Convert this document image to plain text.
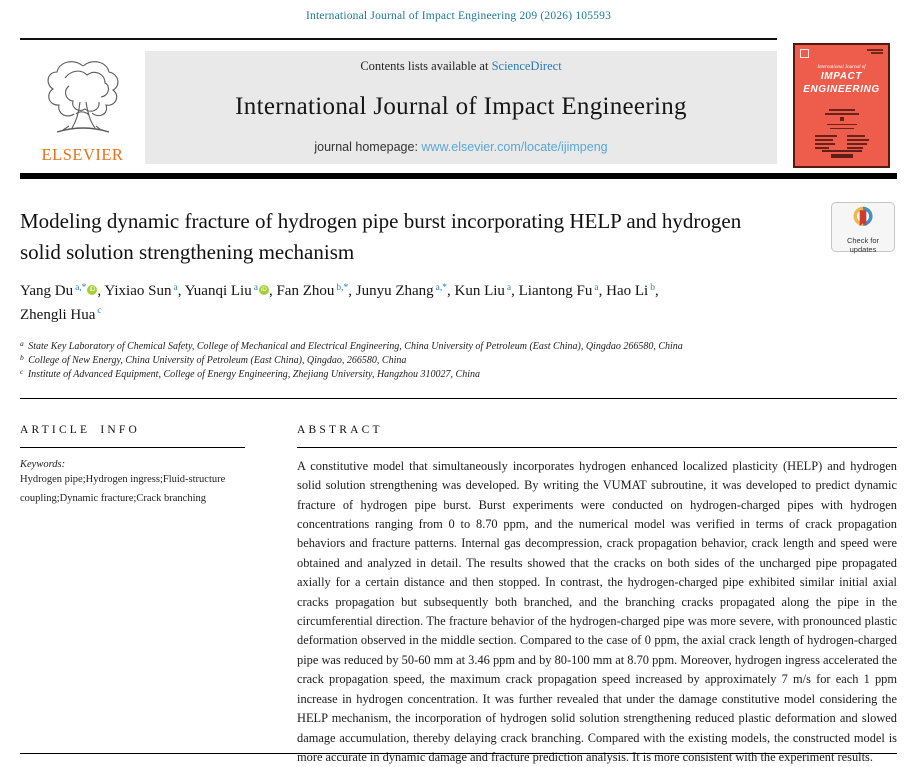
International Journal of Impact Engineering 209 (2026) 105593
ELSEVIER
Contents lists available at ScienceDirect
International Journal of Impact Engineering
journal homepage: www.elsevier.com/locate/ijimpeng
International Journal of
IMPACT
ENGINEERING
Modeling dynamic fracture of hydrogen pipe burst incorporating HELP and hydrogen solid solution strengthening mechanism	Check for
updates
Yang Du $^{a,*}$ iD , Yixiao Sun $^a$, Yuanqi Liu $^a$ iD , Fan Zhou $^{b,*}$, Junyu Zhang $^{a,*}$, Kun Liu $^a$, Liantong Fu $^a$, Hao Li $^b$, Zhengli Hua $^c$
$^a$ State Key Laboratory of Chemical Safety, College of Mechanical and Electrical Engineering, China University of Petroleum (East China), Qingdao 266580, China
$^b$ College of New Energy, China University of Petroleum (East China), Qingdao, 266580, China
$^c$ Institute of Advanced Equipment, College of Energy Engineering, Zhejiang University, Hangzhou 310027, China
ARTICLE INFO
Keywords:
Hydrogen pipe;Hydrogen ingress;Fluid-structure coupling;Dynamic fracture;Crack branching
ABSTRACT
A constitutive model that simultaneously incorporates hydrogen enhanced localized plasticity (HELP) and hydrogen solid solution strengthening was developed. By writing the VUMAT subroutine, it was developed to predict dynamic fracture of hydrogen pipe burst. Burst experiments were conducted on hydrogen-charged pipes with hydrogen concentrations ranging from 0 to 8.70 ppm, and the numerical model was verified in terms of crack propagation behaviors and fracture patterns. Internal gas decompression, crack propagation behavior, crack length and speed were obtained and analyzed in detail. The results showed that the cracks on both sides of the uncharged pipe propagated axially for a certain distance and then stopped. In contrast, the hydrogen-charged pipe exhibited similar initial axial cracks propagation but subsequently both branched, and the branching cracks propagated along the pipe in the circumferential direction. The fracture behavior of the hydrogen-charged pipe was more severe, with pronounced plastic deformation observed in the middle section. Compared to the case of 0 ppm, the axial crack length of hydrogen-charged pipe was reduced by 50-60 mm at 3.46 ppm and by 80-100 mm at 8.70 ppm. Moreover, hydrogen ingress accelerated the crack propagation speed, the maximum crack propagation speed increased by approximately 7 m/s for each 1 ppm increase in hydrogen concentration. It was further revealed that under the damage constitutive model considering the HELP mechanism, the incorporation of hydrogen solid solution strengthening reduced plastic deformation and slowed damage accumulation, thereby delaying crack branching. Compared with the existing models, the constructed model is more accurate in dynamic damage and fracture prediction analysis. It is more consistent with the experiment results.
